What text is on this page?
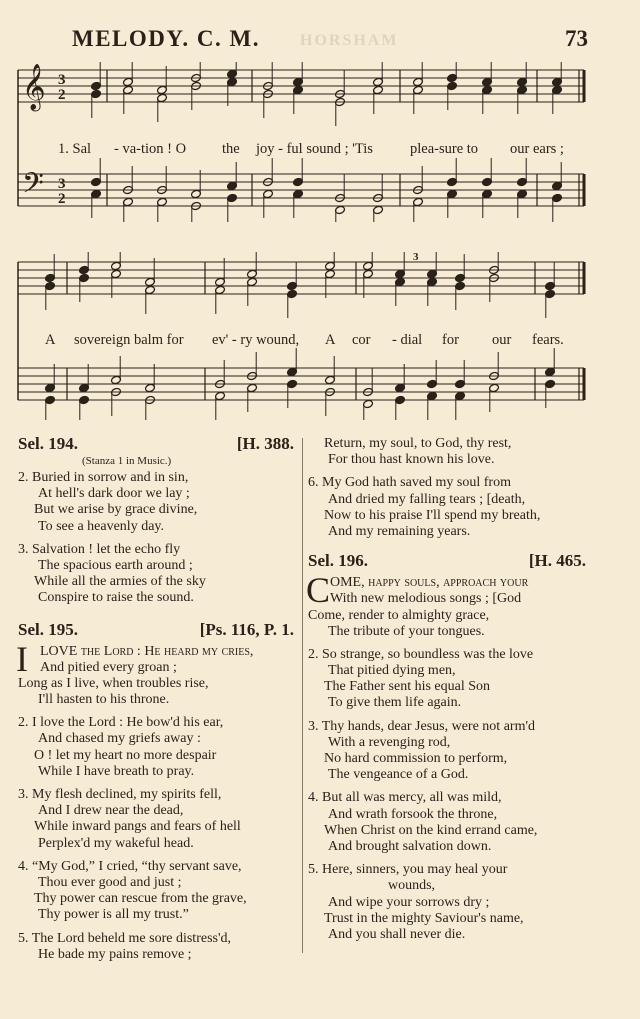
MELODY. C. M.	HORSHAM	73
𝄞
𝄢
3
3
2
2
1. Sal - va-tion ! O the joy - ful sound ; 'Tis	plea-sure to our ears ;
3
A sovereign balm for ev' - ry wound, A cor - dial for our fears.
Sel. 194.	[H. 388.
(Stanza 1 in Music.)
2. Buried in sorrow and in sin,
At hell's dark door we lay ;
But we arise by grace divine,
To see a heavenly day.
3. Salvation ! let the echo fly
The spacious earth around ;
While all the armies of the sky
Conspire to raise the sound.
Sel. 195.	[Ps. 116, P. 1.
I LOVE the Lord : He heard my cries,
And pitied every groan ;
Long as I live, when troubles rise,
I'll hasten to his throne.
2. I love the Lord : He bow'd his ear,
And chased my griefs away :
O ! let my heart no more despair
While I have breath to pray.
3. My flesh declined, my spirits fell,
And I drew near the dead,
While inward pangs and fears of hell
Perplex'd my wakeful head.
4. “My God,” I cried, “thy servant save,
Thou ever good and just ;
Thy power can rescue from the grave,
Thy power is all my trust.”
5. The Lord beheld me sore distress'd,
He bade my pains remove ;
Return, my soul, to God, thy rest,
For thou hast known his love.
6. My God hath saved my soul from
And dried my falling tears ; [death,
Now to his praise I'll spend my breath,
And my remaining years.
Sel. 196.	[H. 465.
C OME, happy souls, approach your
With new melodious songs ; [God
Come, render to almighty grace,
The tribute of your tongues.
2. So strange, so boundless was the love
That pitied dying men,
The Father sent his equal Son
To give them life again.
3. Thy hands, dear Jesus, were not arm'd
With a revenging rod,
No hard commission to perform,
The vengeance of a God.
4. But all was mercy, all was mild,
And wrath forsook the throne,
When Christ on the kind errand came,
And brought salvation down.
5. Here, sinners, you may heal your
wounds,
And wipe your sorrows dry ;
Trust in the mighty Saviour's name,
And you shall never die.
